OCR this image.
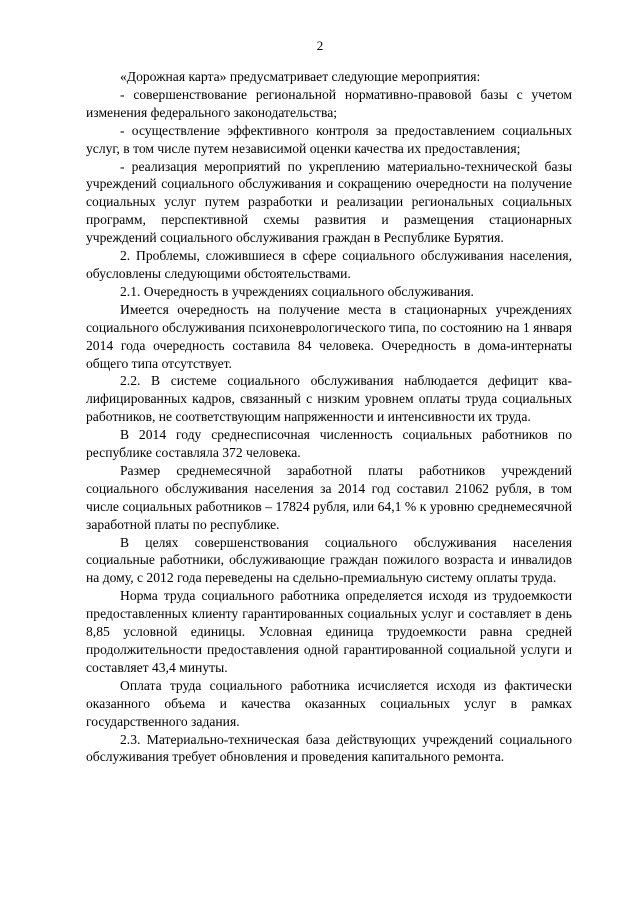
2

«Дорожная карта» предусматривает следующие мероприятия:

- совершенствование региональной нормативно-правовой базы с учетом изменения федерального законодательства;

- осуществление эффективного контроля за предоставлением социальных услуг, в том числе путем независимой оценки качества их предоставления;

- реализация мероприятий по укреплению материально-технической базы учреждений социального обслуживания и сокращению очередности на получение социальных услуг путем разработки и реализации региональных социальных программ, перспективной схемы развития и размещения стационарных учреждений социального обслуживания граждан в Республике Бурятия.

2. Проблемы, сложившиеся в сфере социального обслуживания населения, обусловлены следующими обстоятельствами.

2.1. Очередность в учреждениях социального обслуживания.

Имеется очередность на получение места в стационарных учреждениях социального обслуживания психоневрологического типа, по состоянию на 1 января 2014 года очередность составила 84 человека. Очередность в дома-интернаты общего типа отсутствует.

2.2. В системе социального обслуживания наблюдается дефицит квалифицированных кадров, связанный с низким уровнем оплаты труда социальных работников, не соответствующим напряженности и интенсивности их труда.

В 2014 году среднесписочная численность социальных работников по республике составляла 372 человека.

Размер среднемесячной заработной платы работников учреждений социального обслуживания населения за 2014 год составил 21062 рубля, в том числе социальных работников – 17824 рубля, или 64,1 % к уровню среднемесячной заработной платы по республике.

В целях совершенствования социального обслуживания населения социальные работники, обслуживающие граждан пожилого возраста и инвалидов на дому, с 2012 года переведены на сдельно-премиальную систему оплаты труда.

Норма труда социального работника определяется исходя из трудоемкости предоставленных клиенту гарантированных социальных услуг и составляет в день 8,85 условной единицы. Условная единица трудоемкости равна средней продолжительности предоставления одной гарантированной социальной услуги и составляет 43,4 минуты.

Оплата труда социального работника исчисляется исходя из фактически оказанного объема и качества оказанных социальных услуг в рамках государственного задания.

2.3. Материально-техническая база действующих учреждений социального обслуживания требует обновления и проведения капитального ремонта.
